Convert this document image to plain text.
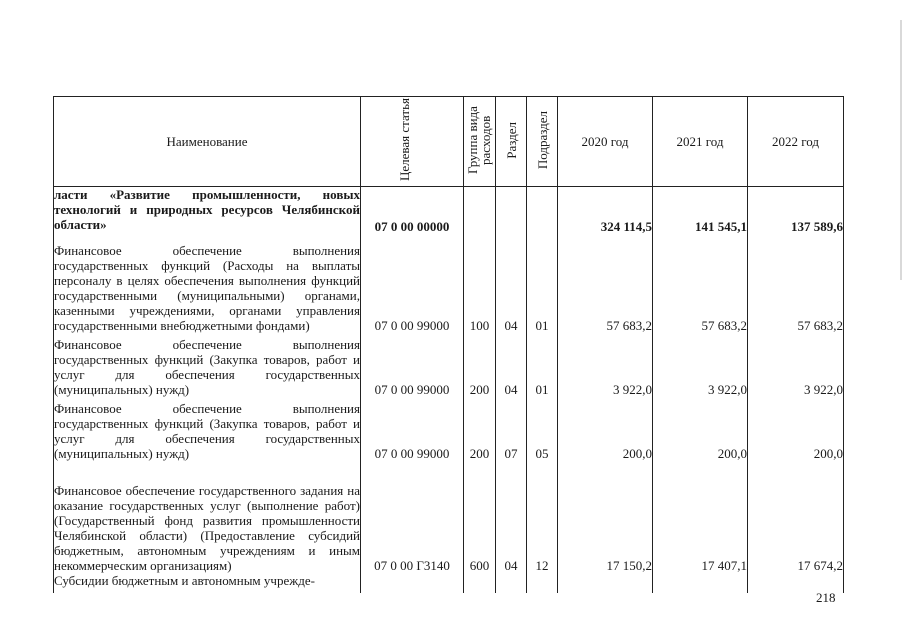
Наименование	Целевая статья	Группа вида расходов	Раздел	Подраздел	2020 год	2021 год	2022 год
ласти «Развитие промышленности, новых технологий и природных ресурсов Челябинской области»	07 0 00 00000				324 114,5	141 545,1	137 589,6
Финансовое обеспечение выполнения государственных функций (Расходы на выплаты персоналу в целях обеспечения выполнения функций государственными (муниципальными) органами, казенными учреждениями, органами управления государственными внебюджетными фондами)	07 0 00 99000	100	04	01	57 683,2	57 683,2	57 683,2
Финансовое обеспечение выполнения государственных функций (Закупка товаров, работ и услуг для обеспечения государственных (муниципальных) нужд)	07 0 00 99000	200	04	01	3 922,0	3 922,0	3 922,0
Финансовое обеспечение выполнения государственных функций (Закупка товаров, работ и услуг для обеспечения государственных (муниципальных) нужд)	07 0 00 99000	200	07	05	200,0	200,0	200,0
Финансовое обеспечение государственного задания на оказание государственных услуг (выполнение работ) (Государственный фонд развития промышленности Челябинской области) (Предоставление субсидий бюджетным, автономным учреждениям и иным некоммерческим организациям)	07 0 00 Г3140	600	04	12	17 150,2	17 407,1	17 674,2
Субсидии бюджетным и автономным учрежде-							
218
